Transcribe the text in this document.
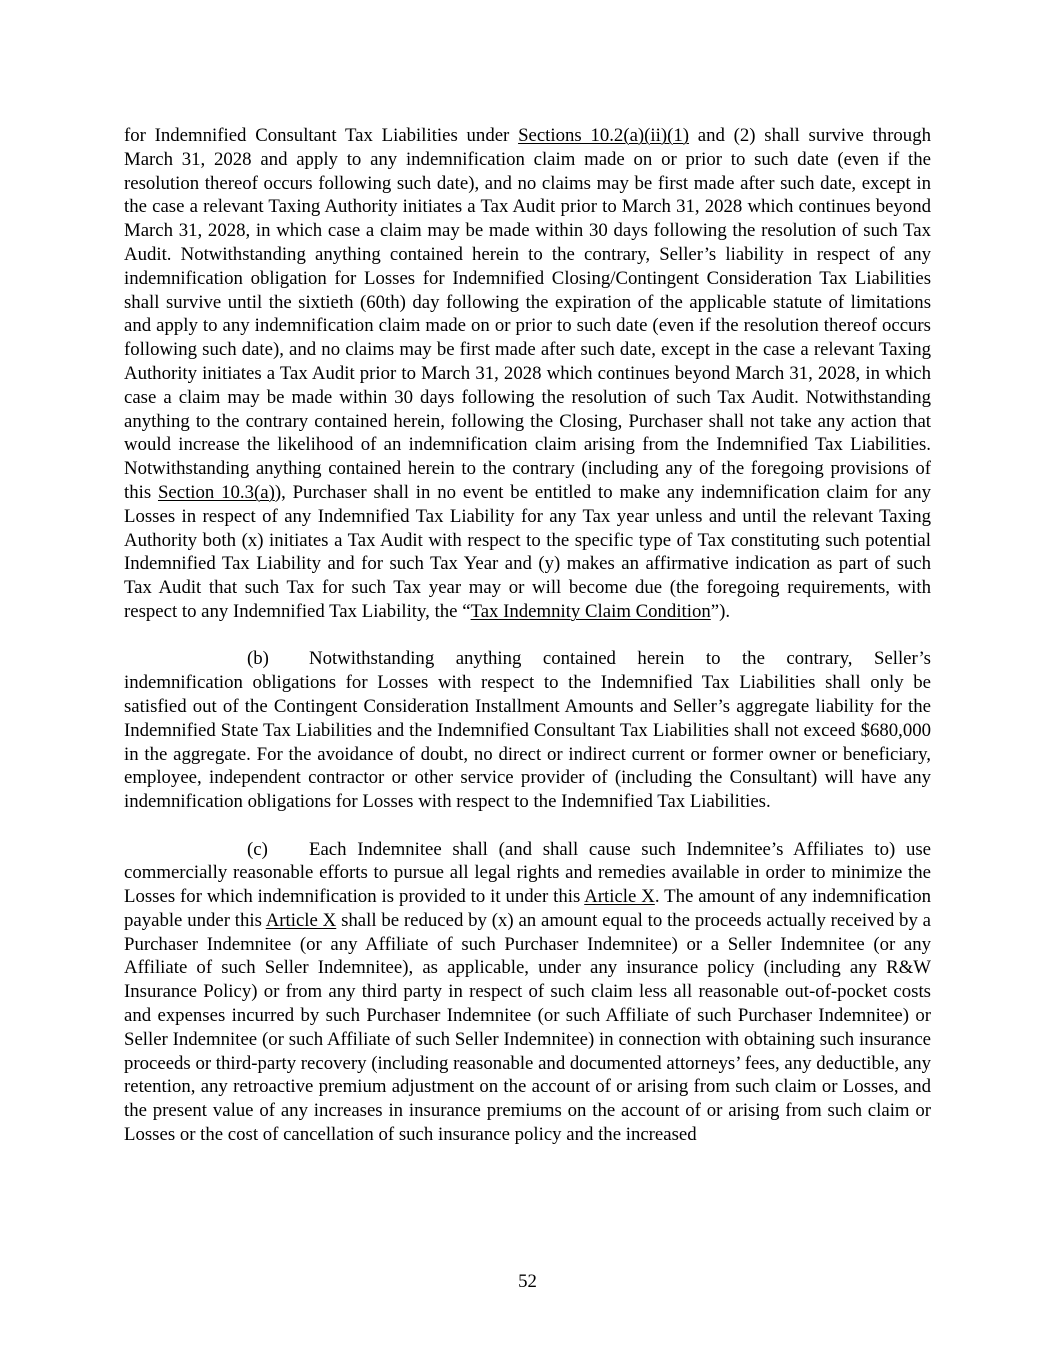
for Indemnified Consultant Tax Liabilities under Sections 10.2(a)(ii)(1) and (2) shall survive through March 31, 2028 and apply to any indemnification claim made on or prior to such date (even if the resolution thereof occurs following such date), and no claims may be first made after such date, except in the case a relevant Taxing Authority initiates a Tax Audit prior to March 31, 2028 which continues beyond March 31, 2028, in which case a claim may be made within 30 days following the resolution of such Tax Audit. Notwithstanding anything contained herein to the contrary, Seller’s liability in respect of any indemnification obligation for Losses for Indemnified Closing/Contingent Consideration Tax Liabilities shall survive until the sixtieth (60th) day following the expiration of the applicable statute of limitations and apply to any indemnification claim made on or prior to such date (even if the resolution thereof occurs following such date), and no claims may be first made after such date, except in the case a relevant Taxing Authority initiates a Tax Audit prior to March 31, 2028 which continues beyond March 31, 2028, in which case a claim may be made within 30 days following the resolution of such Tax Audit. Notwithstanding anything to the contrary contained herein, following the Closing, Purchaser shall not take any action that would increase the likelihood of an indemnification claim arising from the Indemnified Tax Liabilities. Notwithstanding anything contained herein to the contrary (including any of the foregoing provisions of this Section 10.3(a)), Purchaser shall in no event be entitled to make any indemnification claim for any Losses in respect of any Indemnified Tax Liability for any Tax year unless and until the relevant Taxing Authority both (x) initiates a Tax Audit with respect to the specific type of Tax constituting such potential Indemnified Tax Liability and for such Tax Year and (y) makes an affirmative indication as part of such Tax Audit that such Tax for such Tax year may or will become due (the foregoing requirements, with respect to any Indemnified Tax Liability, the “Tax Indemnity Claim Condition”).

(b) Notwithstanding anything contained herein to the contrary, Seller’s indemnification obligations for Losses with respect to the Indemnified Tax Liabilities shall only be satisfied out of the Contingent Consideration Installment Amounts and Seller’s aggregate liability for the Indemnified State Tax Liabilities and the Indemnified Consultant Tax Liabilities shall not exceed $680,000 in the aggregate. For the avoidance of doubt, no direct or indirect current or former owner or beneficiary, employee, independent contractor or other service provider of (including the Consultant) will have any indemnification obligations for Losses with respect to the Indemnified Tax Liabilities.

(c) Each Indemnitee shall (and shall cause such Indemnitee’s Affiliates to) use commercially reasonable efforts to pursue all legal rights and remedies available in order to minimize the Losses for which indemnification is provided to it under this Article X. The amount of any indemnification payable under this Article X shall be reduced by (x) an amount equal to the proceeds actually received by a Purchaser Indemnitee (or any Affiliate of such Purchaser Indemnitee) or a Seller Indemnitee (or any Affiliate of such Seller Indemnitee), as applicable, under any insurance policy (including any R&W Insurance Policy) or from any third party in respect of such claim less all reasonable out-of-pocket costs and expenses incurred by such Purchaser Indemnitee (or such Affiliate of such Purchaser Indemnitee) or Seller Indemnitee (or such Affiliate of such Seller Indemnitee) in connection with obtaining such insurance proceeds or third-party recovery (including reasonable and documented attorneys’ fees, any deductible, any retention, any retroactive premium adjustment on the account of or arising from such claim or Losses, and the present value of any increases in insurance premiums on the account of or arising from such claim or Losses or the cost of cancellation of such insurance policy and the increased

52
